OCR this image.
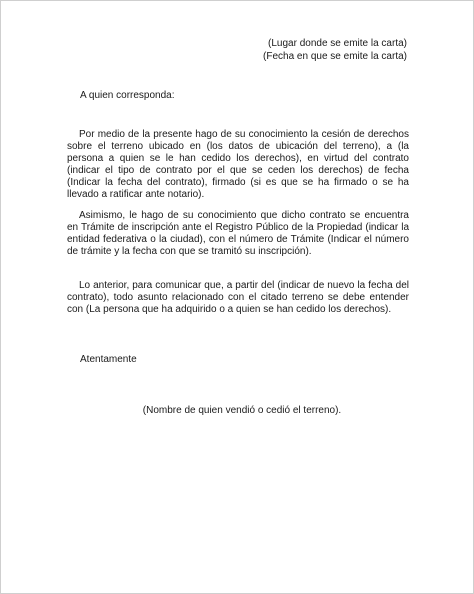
(Lugar donde se emite la carta)
(Fecha en que se emite la carta)
A quien corresponda:

Por medio de la presente hago de su conocimiento la cesión de derechos sobre el terreno ubicado en (los datos de ubicación del terreno), a (la persona a quien se le han cedido los derechos), en virtud del contrato (indicar el tipo de contrato por el que se ceden los derechos) de fecha (Indicar la fecha del contrato), firmado (si es que se ha firmado o se ha llevado a ratificar ante notario).

Asimismo, le hago de su conocimiento que dicho contrato se encuentra en Trámite de inscripción ante el Registro Público de la Propiedad (indicar la entidad federativa o la ciudad), con el número de Trámite (Indicar el número de trámite y la fecha con que se tramitó su inscripción).

Lo anterior, para comunicar que, a partir del (indicar de nuevo la fecha del contrato), todo asunto relacionado con el citado terreno se debe entender con (La persona que ha adquirido o a quien se han cedido los derechos).

Atentamente
(Nombre de quien vendió o cedió el terreno).
